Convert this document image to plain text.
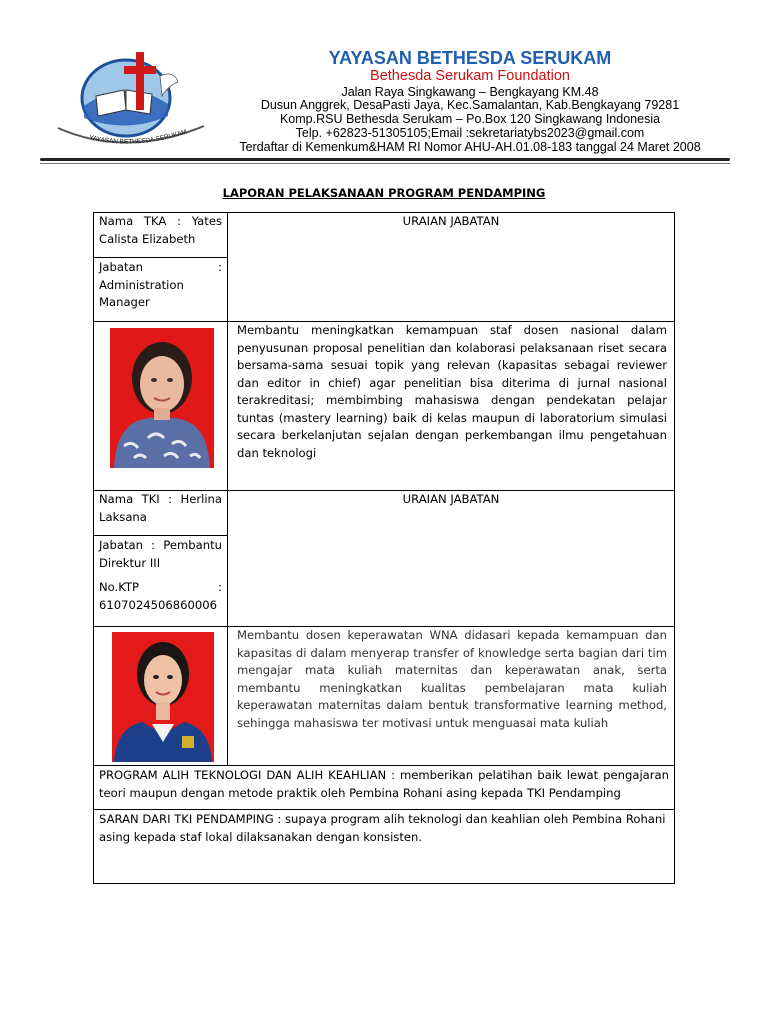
YAYASAN BETHESDA SERUKAM
YAYASAN BETHESDA SERUKAM
Bethesda Serukam Foundation
Jalan Raya Singkawang – Bengkayang KM.48
Dusun Anggrek, DesaPasti Jaya, Kec.Samalantan, Kab.Bengkayang 79281
Komp.RSU Bethesda Serukam – Po.Box 120 Singkawang Indonesia
Telp. +62823-51305105;Email :sekretariatybs2023@gmail.com
Terdaftar di Kemenkum&HAM RI Nomor AHU-AH.01.08-183 tanggal 24 Maret 2008
LAPORAN PELAKSANAAN PROGRAM PENDAMPING
Nama TKA : Yates
Calista Elizabeth
Jabatan :
Administration
Manager
URAIAN JABATAN
Membantu meningkatkan kemampuan staf dosen nasional dalam penyusunan proposal penelitian dan kolaborasi pelaksanaan riset secara bersama-sama sesuai topik yang relevan (kapasitas sebagai reviewer dan editor in chief) agar penelitian bisa diterima di jurnal nasional terakreditasi; membimbing mahasiswa dengan pendekatan pelajar tuntas (mastery learning) baik di kelas maupun di laboratorium simulasi secara berkelanjutan sejalan dengan perkembangan ilmu pengetahuan dan teknologi
Nama TKI : Herlina
Laksana
Jabatan : Pembantu
Direktur III
No.KTP :
6107024506860006
URAIAN JABATAN
Membantu dosen keperawatan WNA didasari kepada kemampuan dan kapasitas di dalam menyerap transfer of knowledge serta bagian dari tim mengajar mata kuliah maternitas dan keperawatan anak, serta membantu meningkatkan kualitas pembelajaran mata kuliah keperawatan maternitas dalam bentuk transformative learning method, sehingga mahasiswa ter motivasi untuk menguasai mata kuliah
PROGRAM ALIH TEKNOLOGI DAN ALIH KEAHLIAN : memberikan pelatihan baik lewat pengajaran teori maupun dengan metode praktik oleh Pembina Rohani asing kepada TKI Pendamping
SARAN DARI TKI PENDAMPING : supaya program alih teknologi dan keahlian oleh Pembina Rohani asing kepada staf lokal dilaksanakan dengan konsisten.
